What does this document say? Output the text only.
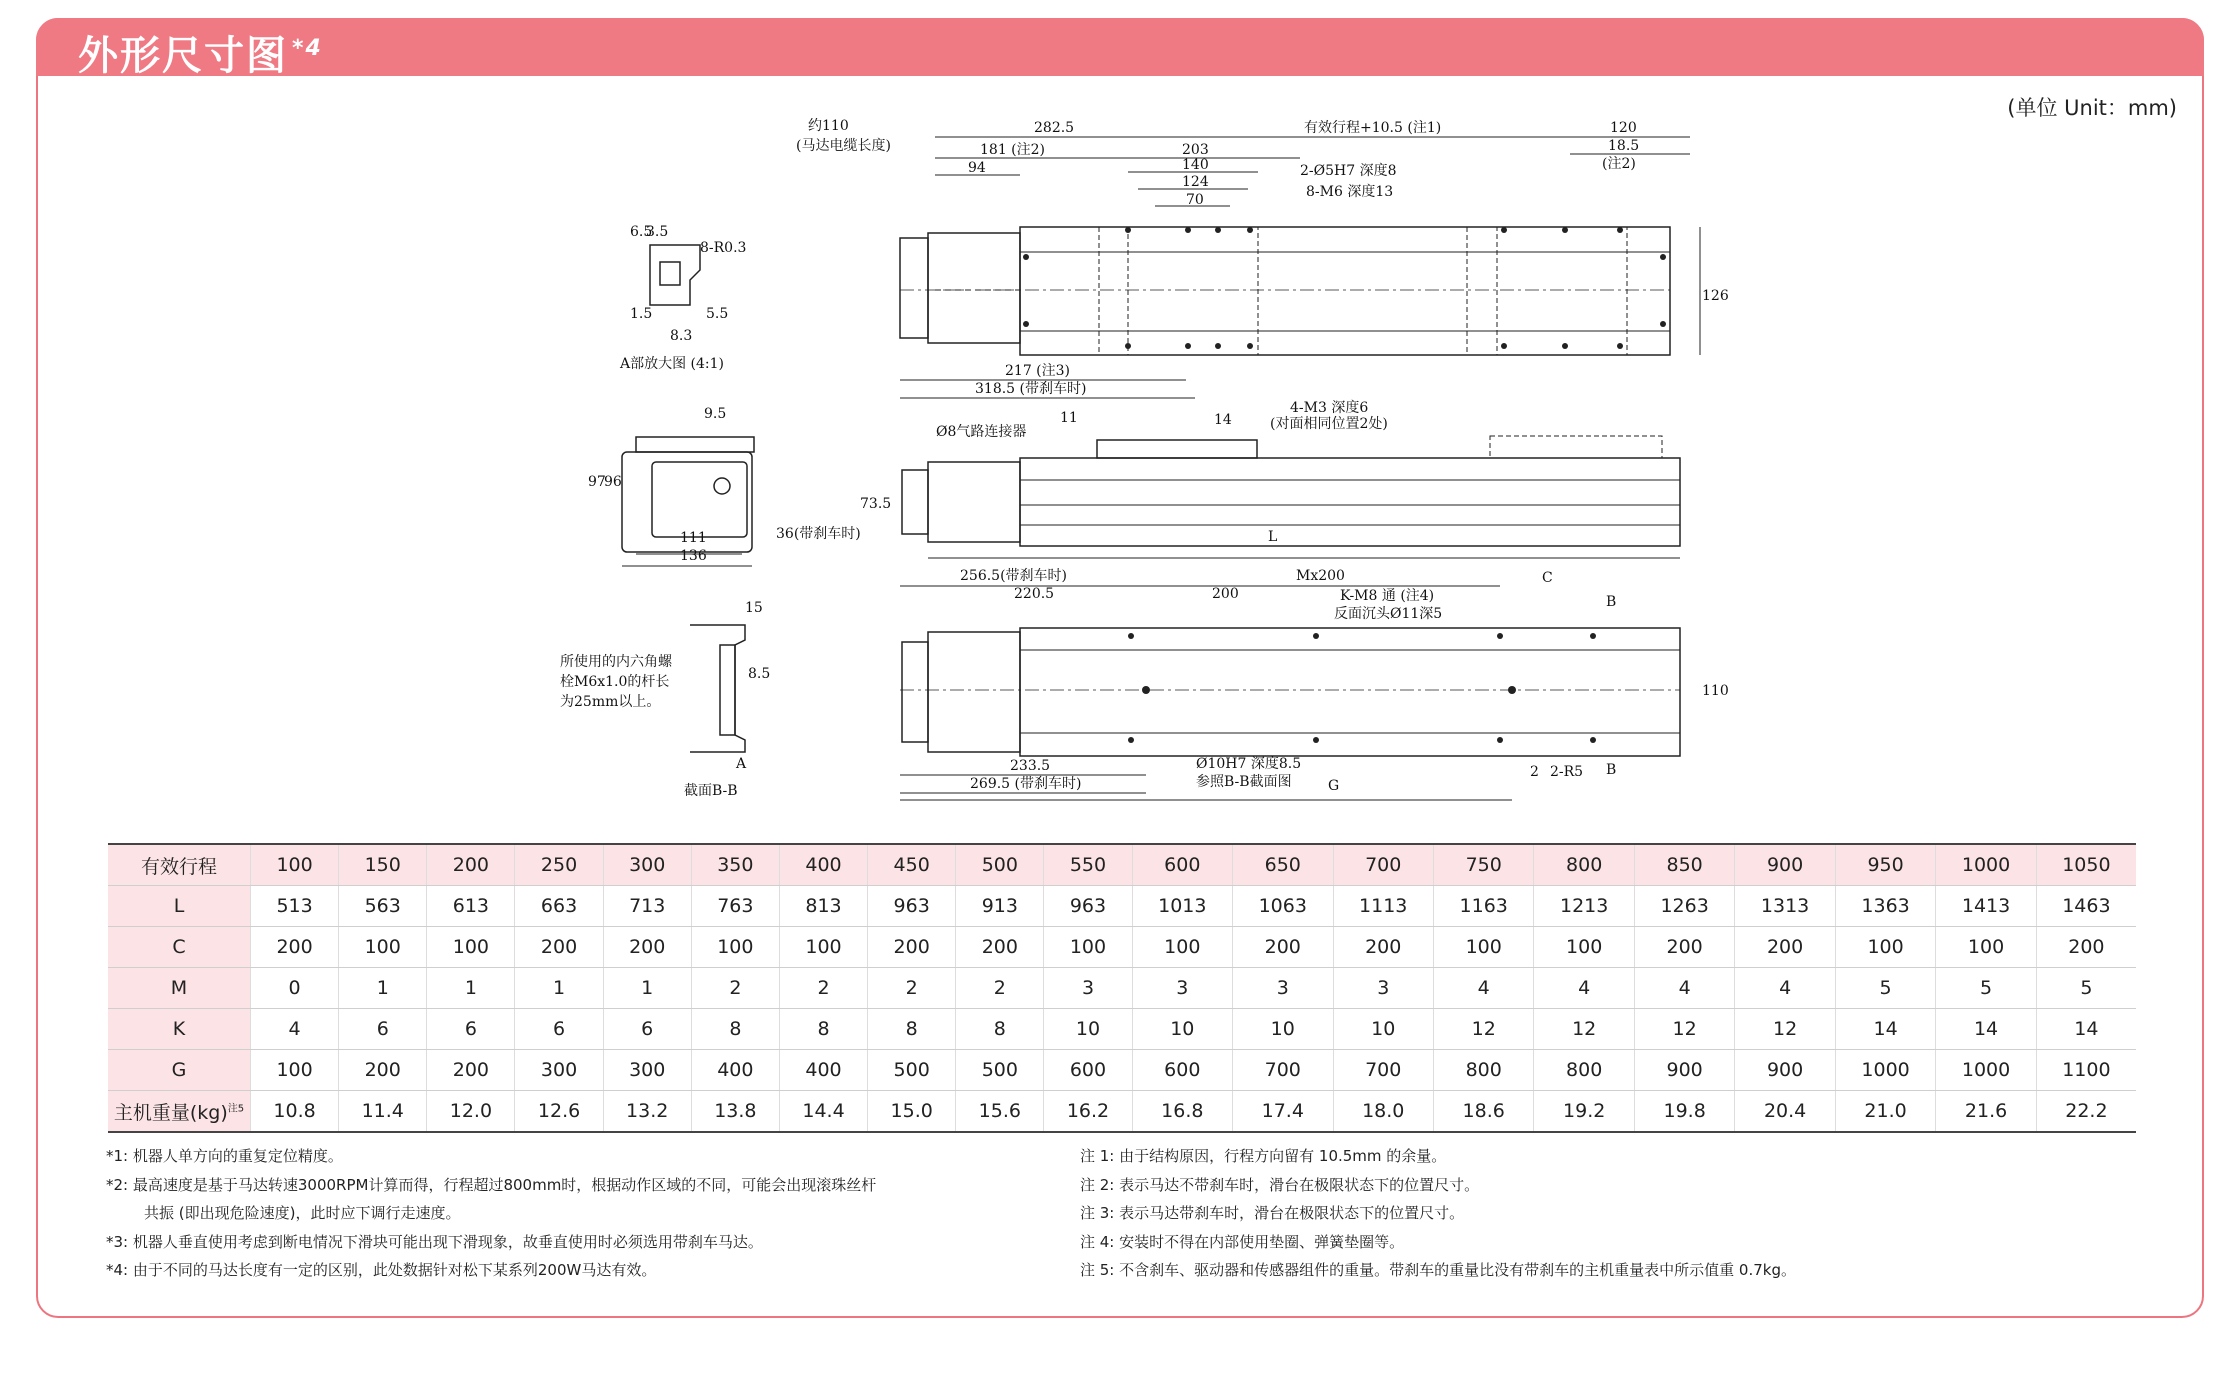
外形尺寸图 $^{*4}$
(单位 Unit：mm)
6.5
3.5
8-R0.3
1.5	5.5
8.3
A部放大图 (4:1)
9.5
97
96
111
136
15
8.5
A
所使用的内六角螺
栓M6x1.0的杆长
为25mm以上。
截面B-B
约110
(马达电缆长度)
282.5	有效行程+10.5 (注1)	120
18.5
(注2)
181 (注2)	203
140
124
70
94	2-Ø5H7 深度8
8-M6 深度13
126
217 (注3)
318.5 (带刹车时)
Ø8气路连接器
11	14
4-M3 深度6
(对面相同位置2处)
73.5
36(带刹车时)	L
256.5(带刹车时)
220.5	200
Mx200	C
K-M8 通 (注4)
反面沉头Ø11深5
B
110
233.5
269.5 (带刹车时)
Ø10H7 深度8.5
参照B-B截面图	G
2 2-R5 B
有效行程	100	150	200	250	300	350	400	450	500	550	600	650	700	750	800	850	900	950	1000	1050
L	513	563	613	663	713	763	813	963	913	963	1013	1063	1113	1163	1213	1263	1313	1363	1413	1463
C	200	100	100	200	200	100	100	200	200	100	100	200	200	100	100	200	200	100	100	200
M	0	1	1	1	1	2	2	2	2	3	3	3	3	4	4	4	4	5	5	5
K	4	6	6	6	6	8	8	8	8	10	10	10	10	12	12	12	12	14	14	14
G	100	200	200	300	300	400	400	500	500	600	600	700	700	800	800	900	900	1000	1000	1100
主机重量(kg)$^{注5}$	10.8	11.4	12.0	12.6	13.2	13.8	14.4	15.0	15.6	16.2	16.8	17.4	18.0	18.6	19.2	19.8	20.4	21.0	21.6	22.2
*1: 机器人单方向的重复定位精度。
*2: 最高速度是基于马达转速3000RPM计算而得，行程超过800mm时，根据动作区域的不同，可能会出现滚珠丝杆
共振 (即出现危险速度)，此时应下调行走速度。
*3: 机器人垂直使用考虑到断电情况下滑块可能出现下滑现象，故垂直使用时必须选用带刹车马达。
*4: 由于不同的马达长度有一定的区别，此处数据针对松下某系列200W马达有效。
注 1: 由于结构原因，行程方向留有 10.5mm 的余量。
注 2: 表示马达不带刹车时，滑台在极限状态下的位置尺寸。
注 3: 表示马达带刹车时，滑台在极限状态下的位置尺寸。
注 4: 安装时不得在内部使用垫圈、弹簧垫圈等。
注 5: 不含刹车、驱动器和传感器组件的重量。带刹车的重量比没有带刹车的主机重量表中所示值重 0.7kg。
